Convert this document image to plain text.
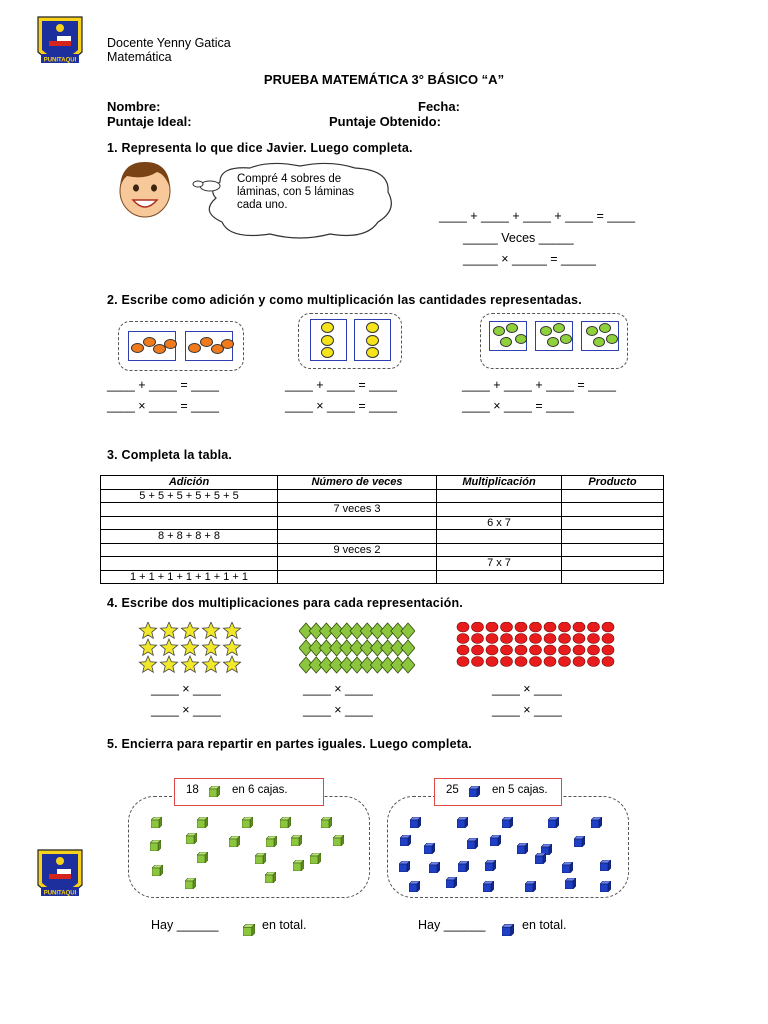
PUNITAQUI
PUNITAQUI
Docente Yenny Gatica
Matemática
PRUEBA MATEMÁTICA 3° BÁSICO “A”
Nombre:	Fecha:
Puntaje Ideal:	Puntaje Obtenido:
1. Representa lo que dice Javier. Luego completa.
Compré 4 sobres de láminas, con 5 láminas cada uno.
____ + ____ + ____ + ____ = ____
_____ Veces _____
_____ × _____ = _____
2. Escribe como adición y como multiplicación las cantidades representadas.
____ + ____ = ____
____ × ____ = ____
____ + ____ = ____
____ × ____ = ____
____ + ____ + ____ = ____
____ × ____ = ____
3. Completa la tabla.
Adición	Número de veces	Multiplicación	Producto
5 + 5 + 5 + 5 + 5 + 5			
	7 veces 3		
		6 x 7	
8 + 8 + 8 + 8			
	9 veces 2		
		7 x 7	
1 + 1 + 1 + 1 + 1 + 1 + 1			
4. Escribe dos multiplicaciones para cada representación.
____ × ____
____ × ____
____ × ____
____ × ____
____ × ____
____ × ____
5. Encierra para repartir en partes iguales. Luego completa.
18	en 6 cajas.	25	en 5 cajas.
Hay ______	en total.	Hay ______	en total.
